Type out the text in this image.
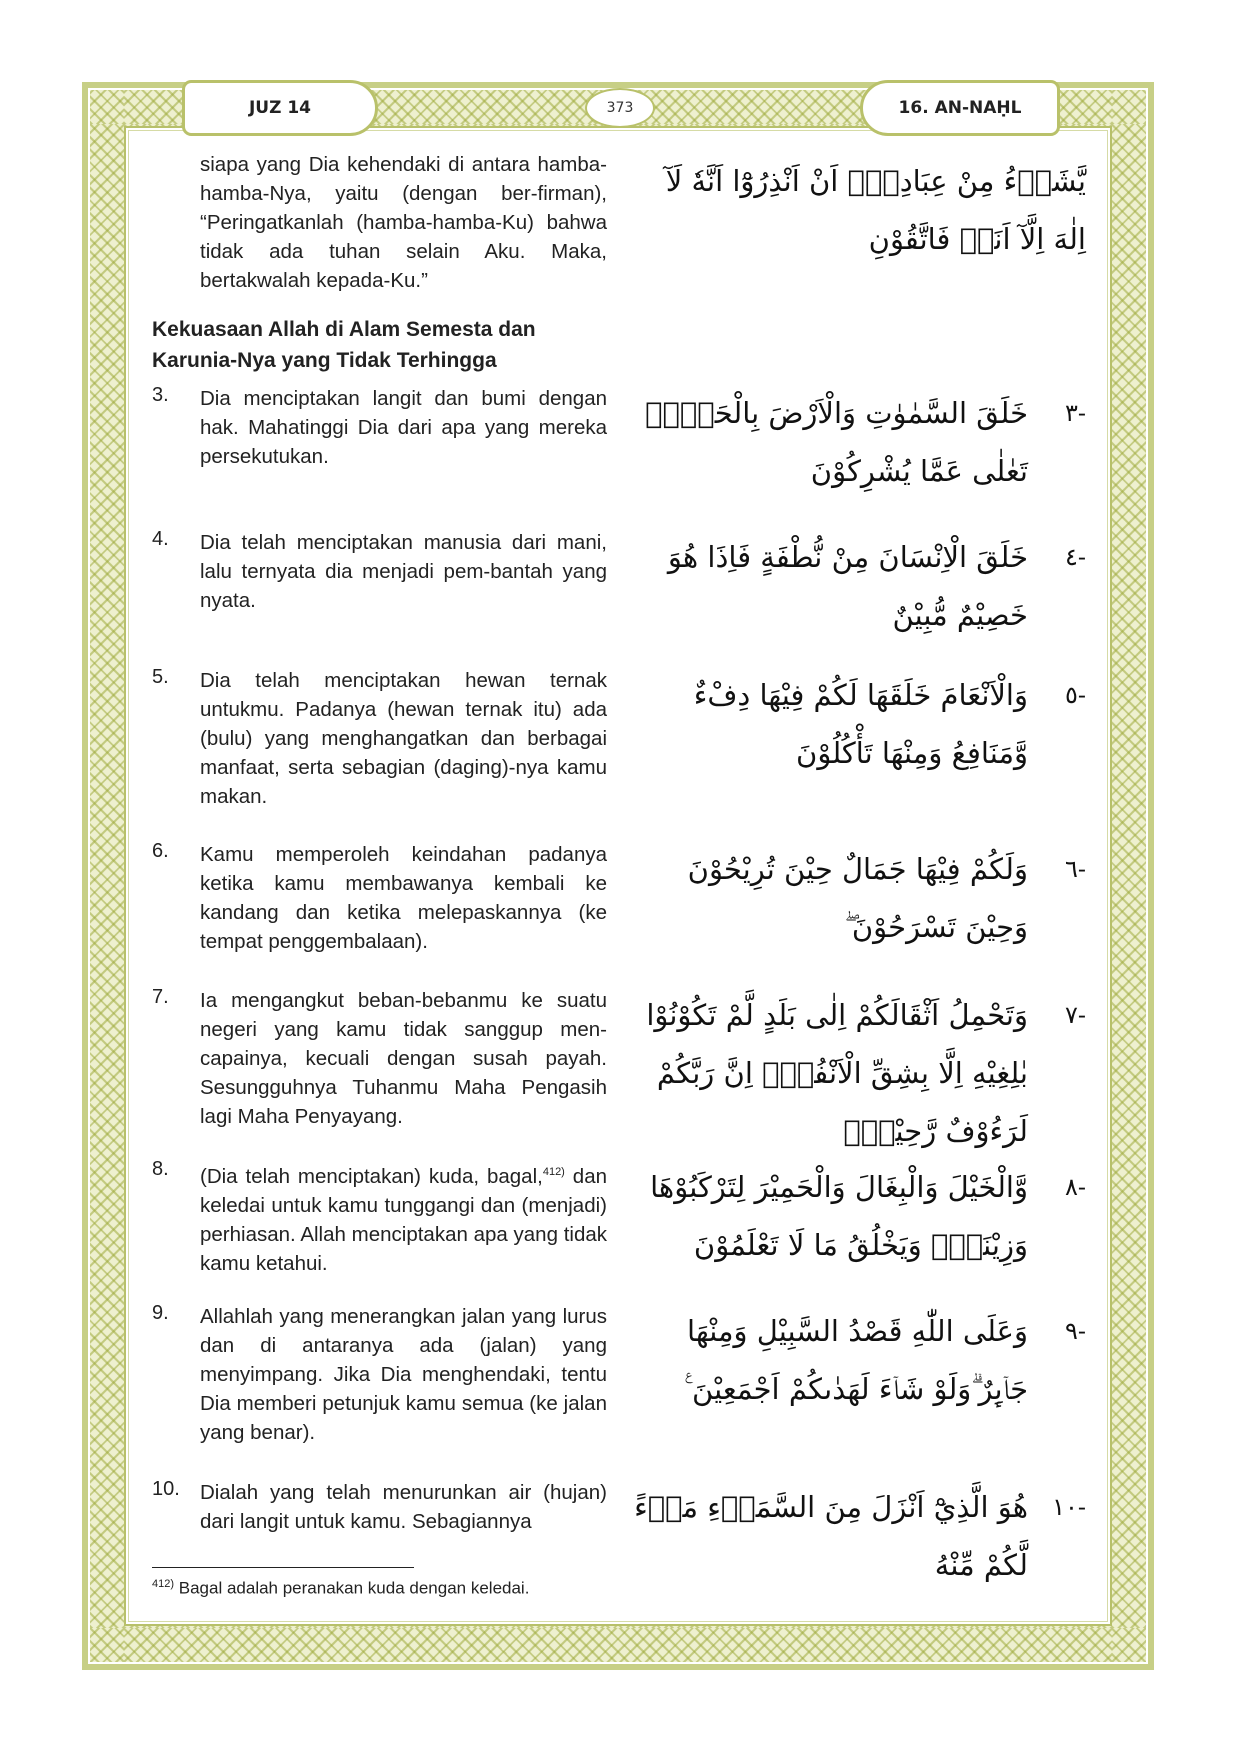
JUZ 14	373	16. AN-NAḤL
siapa yang Dia kehendaki di antara hamba-hamba-Nya, yaitu (dengan ber-firman), “Peringatkanlah (hamba-hamba-Ku) bahwa tidak ada tuhan selain Aku. Maka, bertakwalah kepada-Ku.”
يَّشَاۤءُ مِنْ عِبَادِهٖٓ اَنْ اَنْذِرُوْٓا اَنَّهٗ لَآ اِلٰهَ اِلَّآ اَنَا۠ فَاتَّقُوْنِ
Kekuasaan Allah di Alam Semesta dan Karunia-Nya yang Tidak Terhingga
3.	Dia menciptakan langit dan bumi dengan hak. Mahatinggi Dia dari apa yang mereka persekutukan.
-٣
خَلَقَ السَّمٰوٰتِ وَالْاَرْضَ بِالْحَقِّۗ تَعٰلٰى عَمَّا يُشْرِكُوْنَ
4.	Dia telah menciptakan manusia dari mani, lalu ternyata dia menjadi pem-bantah yang nyata.
-٤
خَلَقَ الْاِنْسَانَ مِنْ نُّطْفَةٍ فَاِذَا هُوَ خَصِيْمٌ مُّبِيْنٌ
5.	Dia telah menciptakan hewan ternak untukmu. Padanya (hewan ternak itu) ada (bulu) yang menghangatkan dan berbagai manfaat, serta sebagian (daging)-nya kamu makan.
-٥
وَالْاَنْعَامَ خَلَقَهَا لَكُمْ فِيْهَا دِفْءٌ وَّمَنَافِعُ وَمِنْهَا تَأْكُلُوْنَ
6.	Kamu memperoleh keindahan padanya ketika kamu membawanya kembali ke kandang dan ketika melepaskannya (ke tempat penggembalaan).
-٦
وَلَكُمْ فِيْهَا جَمَالٌ حِيْنَ تُرِيْحُوْنَ وَحِيْنَ تَسْرَحُوْنَ ۖ
7.	Ia mengangkut beban-bebanmu ke suatu negeri yang kamu tidak sanggup men-capainya, kecuali dengan susah payah. Sesungguhnya Tuhanmu Maha Pengasih lagi Maha Penyayang.
-٧
وَتَحْمِلُ اَثْقَالَكُمْ اِلٰى بَلَدٍ لَّمْ تَكُوْنُوْا بٰلِغِيْهِ اِلَّا بِشِقِّ الْاَنْفُسِۗ اِنَّ رَبَّكُمْ لَرَءُوْفٌ رَّحِيْمٌۙ
8.	(Dia telah menciptakan) kuda, bagal,$^{412)}$ dan keledai untuk kamu tunggangi dan (menjadi) perhiasan. Allah menciptakan apa yang tidak kamu ketahui.
-٨
وَّالْخَيْلَ وَالْبِغَالَ وَالْحَمِيْرَ لِتَرْكَبُوْهَا وَزِيْنَةًۗ وَيَخْلُقُ مَا لَا تَعْلَمُوْنَ
9.	Allahlah yang menerangkan jalan yang lurus dan di antaranya ada (jalan) yang menyimpang. Jika Dia menghendaki, tentu Dia memberi petunjuk kamu semua (ke jalan yang benar).
-٩
وَعَلَى اللّٰهِ قَصْدُ السَّبِيْلِ وَمِنْهَا جَاۤىِٕرٌ ۗوَلَوْ شَاۤءَ لَهَدٰىكُمْ اَجْمَعِيْنَ ࣖ
10. Dialah yang telah menurunkan air (hujan) dari langit untuk kamu. Sebagiannya
-١٠
هُوَ الَّذِيْٓ اَنْزَلَ مِنَ السَّمَاۤءِ مَاۤءً لَّكُمْ مِّنْهُ
$^{412)}$ Bagal adalah peranakan kuda dengan keledai.
